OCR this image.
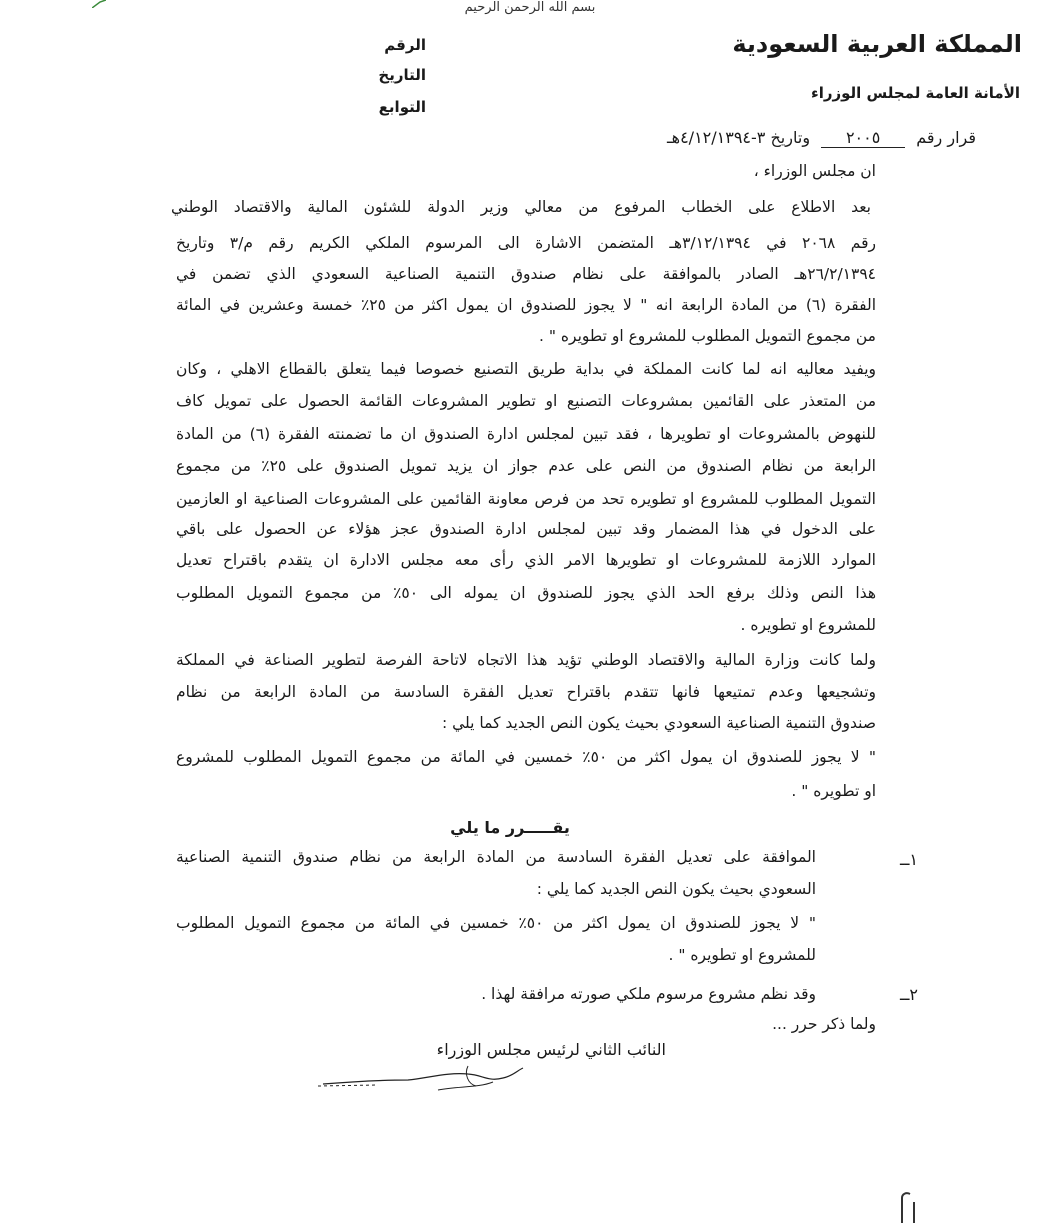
بسم الله الرحمن الرحيم
المملكة العربية السعودية
الأمانة العامة لمجلس الوزراء
الرقم
التاريخ
التوابع
قرار رقم ٢٠٠٥ وتاريخ ٣-٤/١٢/١٣٩٤هـ
ان مجلس الوزراء ،
بعد الاطلاع على الخطاب المرفوع من معالي وزير الدولة للشئون المالية والاقتصاد الوطني
رقم ٢٠٦٨ في ٣/١٢/١٣٩٤هـ المتضمن الاشارة الى المرسوم الملكي الكريم رقم م/٣ وتاريخ
٢٦/٢/١٣٩٤هـ الصادر بالموافقة على نظام صندوق التنمية الصناعية السعودي الذي تضمن في
الفقرة (٦) من المادة الرابعة انه " لا يجوز للصندوق ان يمول اكثر من ٢٥٪ خمسة وعشرين في المائة
من مجموع التمويل المطلوب للمشروع او تطويره " .
ويفيد معاليه انه لما كانت المملكة في بداية طريق التصنيع خصوصا فيما يتعلق بالقطاع الاهلي ، وكان
من المتعذر على القائمين بمشروعات التصنيع او تطوير المشروعات القائمة الحصول على تمويل كاف
للنهوض بالمشروعات او تطويرها ، فقد تبين لمجلس ادارة الصندوق ان ما تضمنته الفقرة (٦) من المادة
الرابعة من نظام الصندوق من النص على عدم جواز ان يزيد تمويل الصندوق على ٢٥٪ من مجموع
التمويل المطلوب للمشروع او تطويره تحد من فرص معاونة القائمين على المشروعات الصناعية او العازمين
على الدخول في هذا المضمار وقد تبين لمجلس ادارة الصندوق عجز هؤلاء عن الحصول على باقي
الموارد اللازمة للمشروعات او تطويرها الامر الذي رأى معه مجلس الادارة ان يتقدم باقتراح تعديل
هذا النص وذلك برفع الحد الذي يجوز للصندوق ان يموله الى ٥٠٪ من مجموع التمويل المطلوب
للمشروع او تطويره .
ولما كانت وزارة المالية والاقتصاد الوطني تؤيد هذا الاتجاه لاتاحة الفرصة لتطوير الصناعة في المملكة
وتشجيعها وعدم تمتيعها فانها تتقدم باقتراح تعديل الفقرة السادسة من المادة الرابعة من نظام
صندوق التنمية الصناعية السعودي بحيث يكون النص الجديد كما يلي :
" لا يجوز للصندوق ان يمول اكثر من ٥٠٪ خمسين في المائة من مجموع التمويل المطلوب للمشروع
او تطويره " .
يقـــــرر ما يلي
١ــ
الموافقة على تعديل الفقرة السادسة من المادة الرابعة من نظام صندوق التنمية الصناعية
السعودي بحيث يكون النص الجديد كما يلي :
" لا يجوز للصندوق ان يمول اكثر من ٥٠٪ خمسين في المائة من مجموع التمويل المطلوب
للمشروع او تطويره " .
٢ــ
وقد نظم مشروع مرسوم ملكي صورته مرافقة لهذا .
ولما ذكر حرر ...
النائب الثاني لرئيس مجلس الوزراء
